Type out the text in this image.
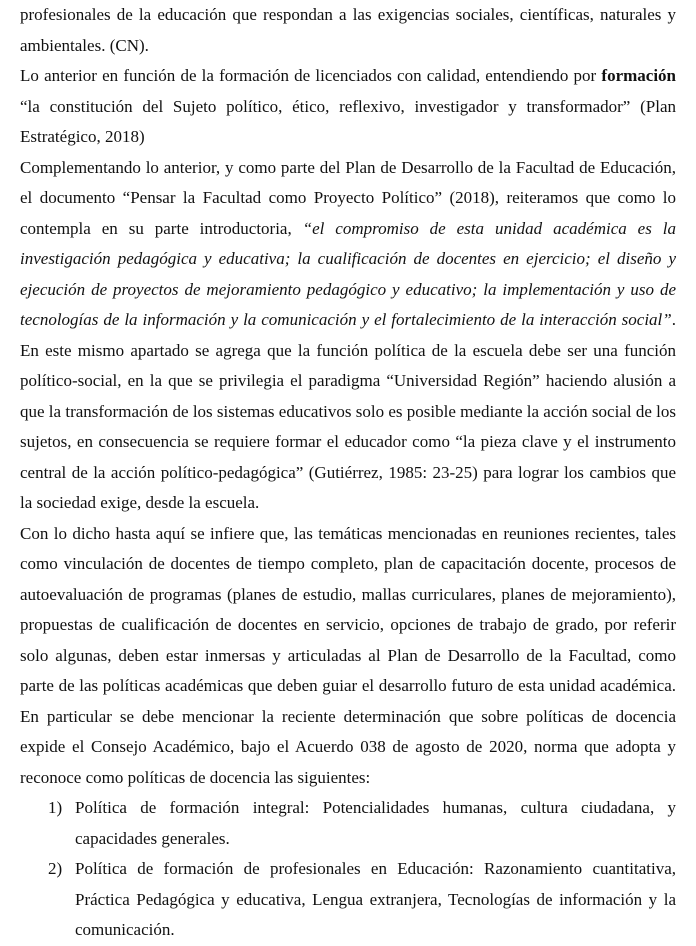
profesionales de la educación que respondan a las exigencias sociales, científicas, naturales y ambientales. (CN).

Lo anterior en función de la formación de licenciados con calidad, entendiendo por formación “la constitución del Sujeto político, ético, reflexivo, investigador y transformador” (Plan Estratégico, 2018)

Complementando lo anterior, y como parte del Plan de Desarrollo de la Facultad de Educación, el documento “Pensar la Facultad como Proyecto Político” (2018), reiteramos que como lo contempla en su parte introductoria, “el compromiso de esta unidad académica es la investigación pedagógica y educativa; la cualificación de docentes en ejercicio; el diseño y ejecución de proyectos de mejoramiento pedagógico y educativo; la implementación y uso de tecnologías de la información y la comunicación y el fortalecimiento de la interacción social”. En este mismo apartado se agrega que la función política de la escuela debe ser una función político-social, en la que se privilegia el paradigma “Universidad Región” haciendo alusión a que la transformación de los sistemas educativos solo es posible mediante la acción social de los sujetos, en consecuencia se requiere formar el educador como “la pieza clave y el instrumento central de la acción político-pedagógica” (Gutiérrez, 1985: 23-25) para lograr los cambios que la sociedad exige, desde la escuela.

Con lo dicho hasta aquí se infiere que, las temáticas mencionadas en reuniones recientes, tales como vinculación de docentes de tiempo completo, plan de capacitación docente, procesos de autoevaluación de programas (planes de estudio, mallas curriculares, planes de mejoramiento), propuestas de cualificación de docentes en servicio, opciones de trabajo de grado, por referir solo algunas, deben estar inmersas y articuladas al Plan de Desarrollo de la Facultad, como parte de las políticas académicas que deben guiar el desarrollo futuro de esta unidad académica. En particular se debe mencionar la reciente determinación que sobre políticas de docencia expide el Consejo Académico, bajo el Acuerdo 038 de agosto de 2020, norma que adopta y reconoce como políticas de docencia las siguientes:

1) Política de formación integral: Potencialidades humanas, cultura ciudadana, y capacidades generales.
2) Política de formación de profesionales en Educación: Razonamiento cuantitativa, Práctica Pedagógica y educativa, Lengua extranjera, Tecnologías de información y la comunicación.
